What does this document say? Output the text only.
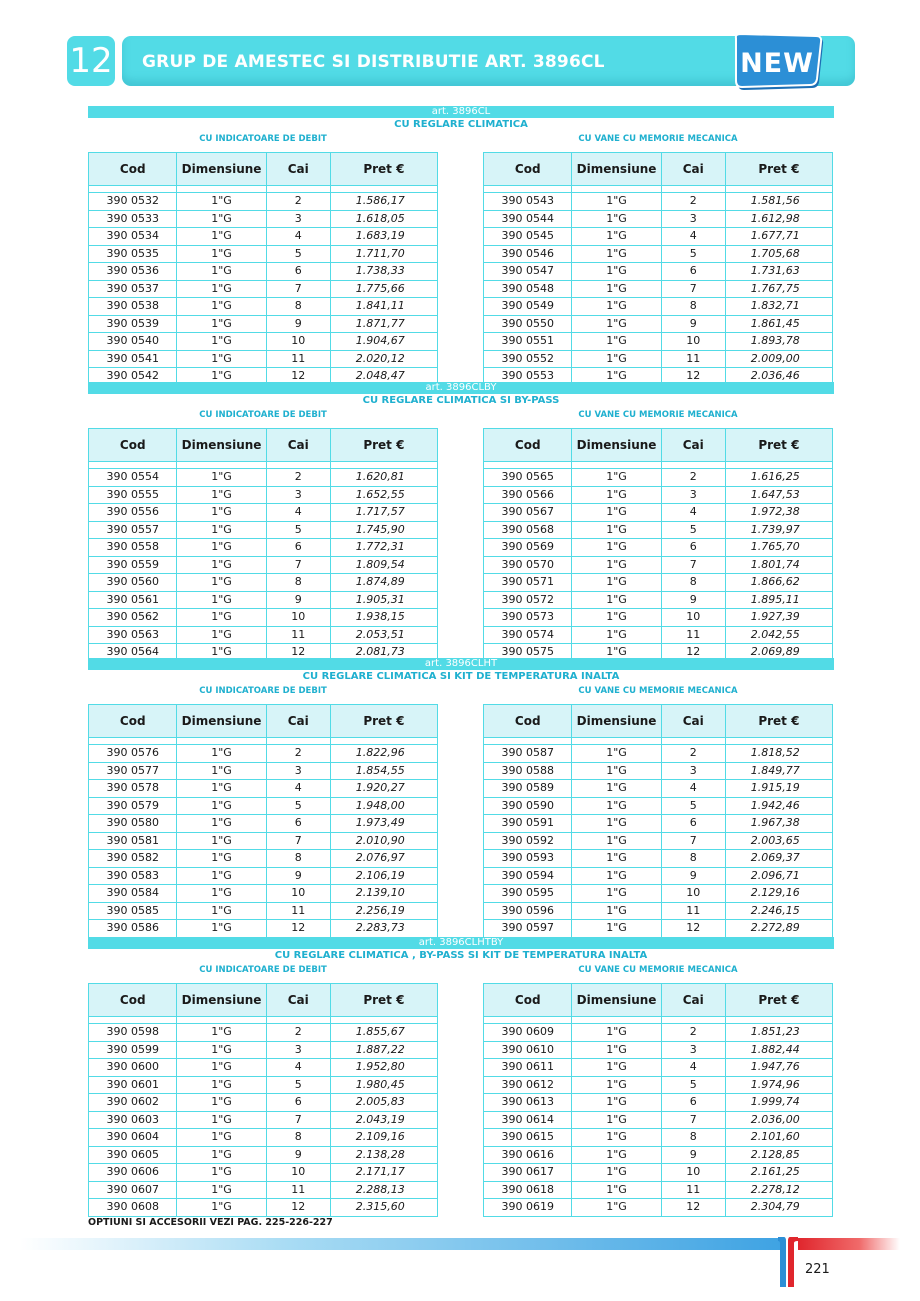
12 GRUP DE AMESTEC SI DISTRIBUTIE ART. 3896CL	NEW
art. 3896CL
CU REGLARE CLIMATICA
CU INDICATOARE DE DEBIT	CU VANE CU MEMORIE MECANICA
Cod	Dimensiune	Cai	Pret €

390 0532	1"G	2	1.586,17
390 0533	1"G	3	1.618,05
390 0534	1"G	4	1.683,19
390 0535	1"G	5	1.711,70
390 0536	1"G	6	1.738,33
390 0537	1"G	7	1.775,66
390 0538	1"G	8	1.841,11
390 0539	1"G	9	1.871,77
390 0540	1"G	10	1.904,67
390 0541	1"G	11	2.020,12
390 0542	1"G	12	2.048,47
Cod	Dimensiune	Cai	Pret €

390 0543	1"G	2	1.581,56
390 0544	1"G	3	1.612,98
390 0545	1"G	4	1.677,71
390 0546	1"G	5	1.705,68
390 0547	1"G	6	1.731,63
390 0548	1"G	7	1.767,75
390 0549	1"G	8	1.832,71
390 0550	1"G	9	1.861,45
390 0551	1"G	10	1.893,78
390 0552	1"G	11	2.009,00
390 0553	1"G	12	2.036,46
art. 3896CLBY
CU REGLARE CLIMATICA SI BY-PASS
CU INDICATOARE DE DEBIT	CU VANE CU MEMORIE MECANICA
Cod	Dimensiune	Cai	Pret €

390 0554	1"G	2	1.620,81
390 0555	1"G	3	1.652,55
390 0556	1"G	4	1.717,57
390 0557	1"G	5	1.745,90
390 0558	1"G	6	1.772,31
390 0559	1"G	7	1.809,54
390 0560	1"G	8	1.874,89
390 0561	1"G	9	1.905,31
390 0562	1"G	10	1.938,15
390 0563	1"G	11	2.053,51
390 0564	1"G	12	2.081,73
Cod	Dimensiune	Cai	Pret €

390 0565	1"G	2	1.616,25
390 0566	1"G	3	1.647,53
390 0567	1"G	4	1.972,38
390 0568	1"G	5	1.739,97
390 0569	1"G	6	1.765,70
390 0570	1"G	7	1.801,74
390 0571	1"G	8	1.866,62
390 0572	1"G	9	1.895,11
390 0573	1"G	10	1.927,39
390 0574	1"G	11	2.042,55
390 0575	1"G	12	2.069,89
art. 3896CLHT
CU REGLARE CLIMATICA SI KIT DE TEMPERATURA INALTA
CU INDICATOARE DE DEBIT	CU VANE CU MEMORIE MECANICA
Cod	Dimensiune	Cai	Pret €

390 0576	1"G	2	1.822,96
390 0577	1"G	3	1.854,55
390 0578	1"G	4	1.920,27
390 0579	1"G	5	1.948,00
390 0580	1"G	6	1.973,49
390 0581	1"G	7	2.010,90
390 0582	1"G	8	2.076,97
390 0583	1"G	9	2.106,19
390 0584	1"G	10	2.139,10
390 0585	1"G	11	2.256,19
390 0586	1"G	12	2.283,73
Cod	Dimensiune	Cai	Pret €

390 0587	1"G	2	1.818,52
390 0588	1"G	3	1.849,77
390 0589	1"G	4	1.915,19
390 0590	1"G	5	1.942,46
390 0591	1"G	6	1.967,38
390 0592	1"G	7	2.003,65
390 0593	1"G	8	2.069,37
390 0594	1"G	9	2.096,71
390 0595	1"G	10	2.129,16
390 0596	1"G	11	2.246,15
390 0597	1"G	12	2.272,89
art. 3896CLHTBY
CU REGLARE CLIMATICA , BY-PASS SI KIT DE TEMPERATURA INALTA
CU INDICATOARE DE DEBIT	CU VANE CU MEMORIE MECANICA
Cod	Dimensiune	Cai	Pret €

390 0598	1"G	2	1.855,67
390 0599	1"G	3	1.887,22
390 0600	1"G	4	1.952,80
390 0601	1"G	5	1.980,45
390 0602	1"G	6	2.005,83
390 0603	1"G	7	2.043,19
390 0604	1"G	8	2.109,16
390 0605	1"G	9	2.138,28
390 0606	1"G	10	2.171,17
390 0607	1"G	11	2.288,13
390 0608	1"G	12	2.315,60
Cod	Dimensiune	Cai	Pret €

390 0609	1"G	2	1.851,23
390 0610	1"G	3	1.882,44
390 0611	1"G	4	1.947,76
390 0612	1"G	5	1.974,96
390 0613	1"G	6	1.999,74
390 0614	1"G	7	2.036,00
390 0615	1"G	8	2.101,60
390 0616	1"G	9	2.128,85
390 0617	1"G	10	2.161,25
390 0618	1"G	11	2.278,12
390 0619	1"G	12	2.304,79
OPTIUNI SI ACCESORII VEZI PAG. 225-226-227
221
